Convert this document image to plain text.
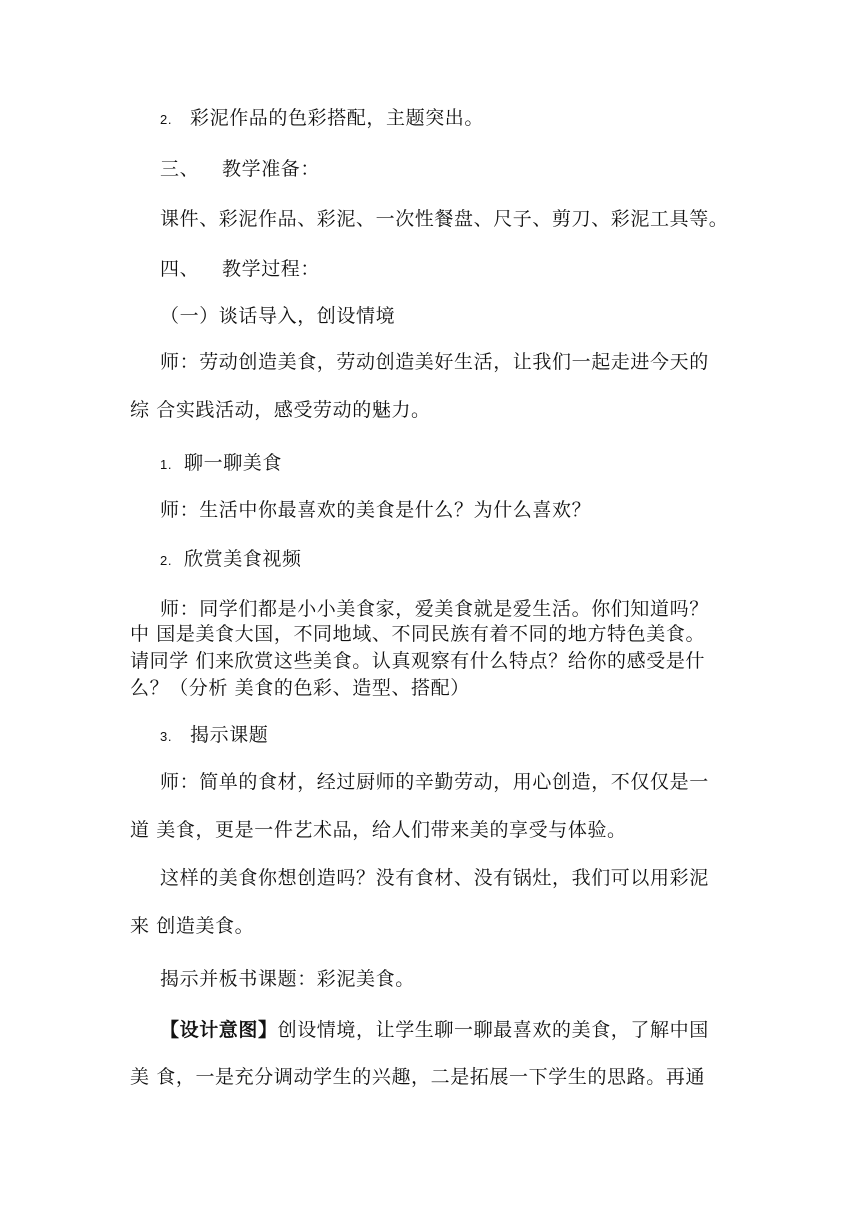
2. 彩泥作品的色彩搭配，主题突出。
三、 教学准备：
课件、彩泥作品、彩泥、一次性餐盘、尺子、剪刀、彩泥工具等。
四、 教学过程：
（一）谈话导入，创设情境
师：劳动创造美食，劳动创造美好生活，让我们一起走进今天的
综 合实践活动，感受劳动的魅力。
1. 聊一聊美食
师：生活中你最喜欢的美食是什么？为什么喜欢？
2. 欣赏美食视频
师：同学们都是小小美食家，爱美食就是爱生活。你们知道吗？
中 国是美食大国，不同地域、不同民族有着不同的地方特色美食。
请同学 们来欣赏这些美食。认真观察有什么特点？给你的感受是什
么？（分析 美食的色彩、造型、搭配）
3. 揭示课题
师：简单的食材，经过厨师的辛勤劳动，用心创造，不仅仅是一
道 美食，更是一件艺术品，给人们带来美的享受与体验。
这样的美食你想创造吗？没有食材、没有锅灶，我们可以用彩泥
来 创造美食。
揭示并板书课题：彩泥美食。
【设计意图】创设情境，让学生聊一聊最喜欢的美食，了解中国
美 食，一是充分调动学生的兴趣，二是拓展一下学生的思路。再通
